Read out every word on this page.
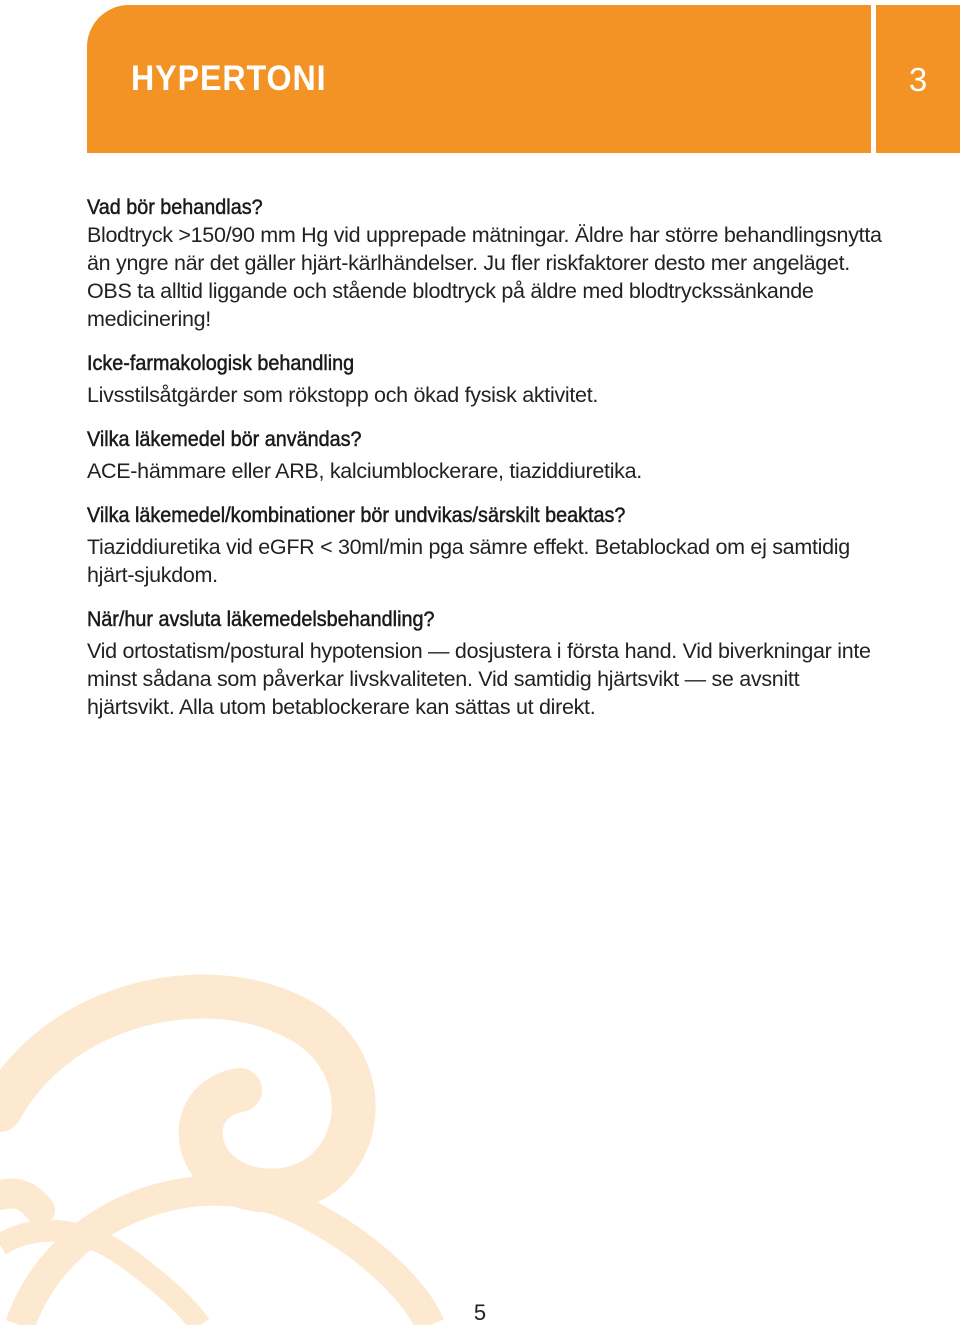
HYPERTONI	3
Vad bör behandlas?

Blodtryck >150/90 mm Hg vid upprepade mätningar. Äldre har större behandlingsnytta än yngre när det gäller hjärt-kärlhändelser. Ju fler riskfaktorer desto mer angeläget. OBS ta alltid liggande och stående blodtryck på äldre med blodtryckssänkande medicinering!

Icke-farmakologisk behandling

Livsstilsåtgärder som rökstopp och ökad fysisk aktivitet.

Vilka läkemedel bör användas?

ACE-hämmare eller ARB, kalciumblockerare, tiaziddiuretika.

Vilka läkemedel/kombinationer bör undvikas/särskilt beaktas?

Tiaziddiuretika vid eGFR < 30ml/min pga sämre effekt. Betablockad om ej samtidig hjärt-sjukdom.

När/hur avsluta läkemedelsbehandling?

Vid ortostatism/postural hypotension — dosjustera i första hand. Vid biverkningar inte minst sådana som påverkar livskvaliteten. Vid samtidig hjärtsvikt — se avsnitt hjärtsvikt. Alla utom betablockerare kan sättas ut direkt.

5
